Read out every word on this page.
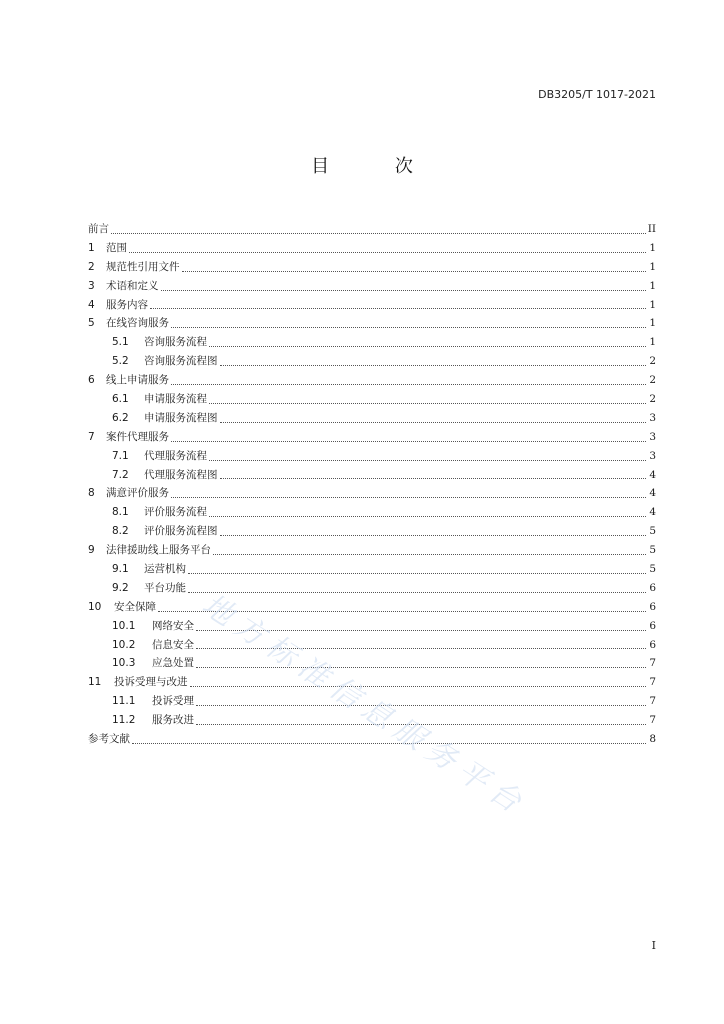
DB3205/T 1017-2021
目 次
前言	II
1	范围	1
2	规范性引用文件	1
3	术语和定义	1
4	服务内容	1
5	在线咨询服务	1
5.1	咨询服务流程	1
5.2	咨询服务流程图	2
6	线上申请服务	2
6.1	申请服务流程	2
6.2	申请服务流程图	3
7	案件代理服务	3
7.1	代理服务流程	3
7.2	代理服务流程图	4
8	满意评价服务	4
8.1	评价服务流程	4
8.2	评价服务流程图	5
9	法律援助线上服务平台	5
9.1	运营机构	5
9.2	平台功能	6
10	安全保障	6
10.1	网络安全	6
10.2	信息安全	6
10.3	应急处置	7
11	投诉受理与改进	7
11.1	投诉受理	7
11.2	服务改进	7
参考文献	8
I
地方标准信息服务平台
